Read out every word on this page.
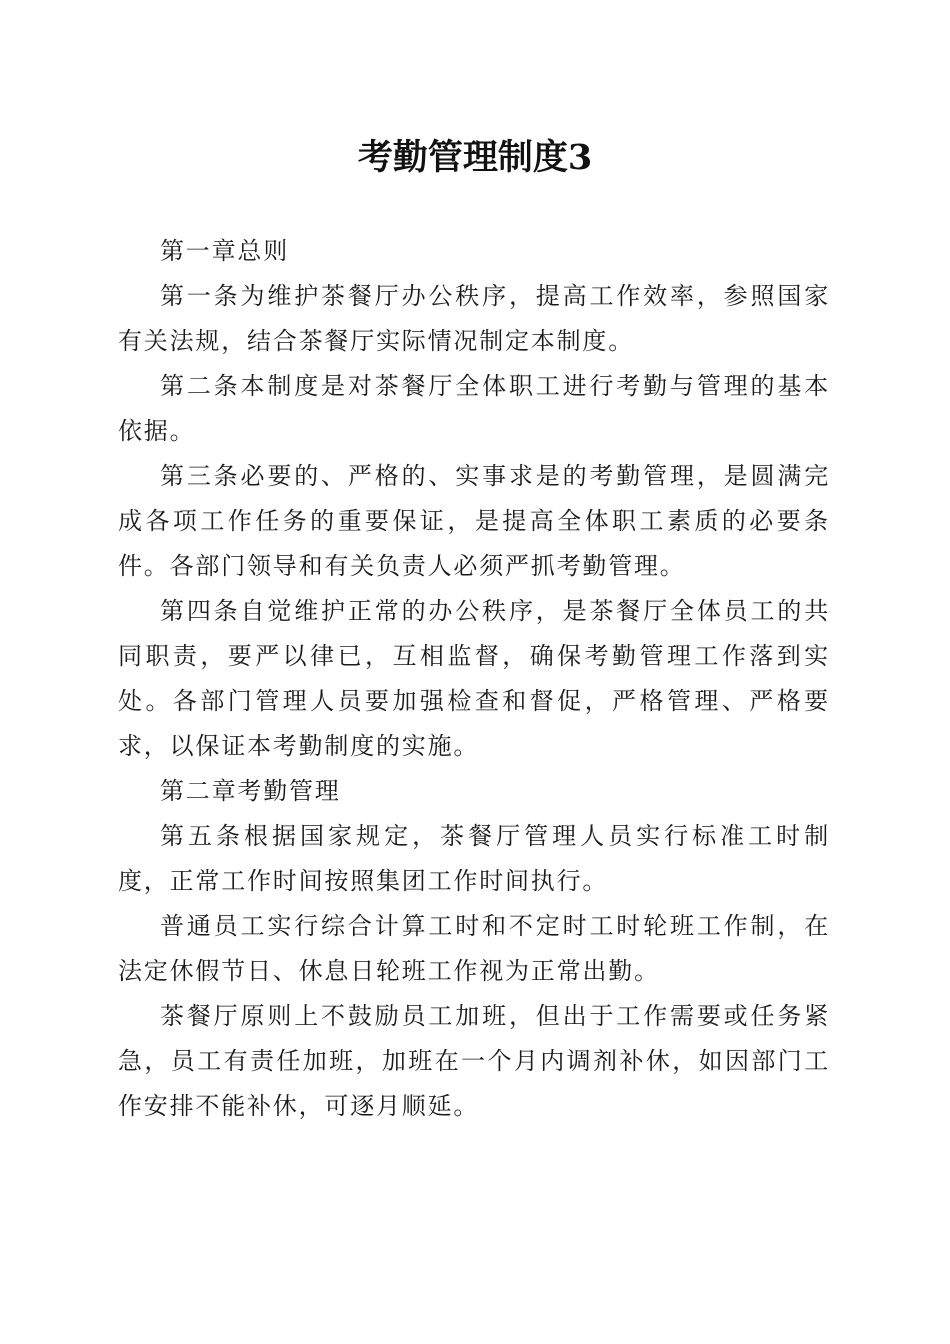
考勤管理制度3

第一章总则

第一条为维护茶餐厅办公秩序，提高工作效率，参照国家有关法规，结合茶餐厅实际情况制定本制度。

第二条本制度是对茶餐厅全体职工进行考勤与管理的基本依据。

第三条必要的、严格的、实事求是的考勤管理，是圆满完成各项工作任务的重要保证，是提高全体职工素质的必要条件。各部门领导和有关负责人必须严抓考勤管理。

第四条自觉维护正常的办公秩序，是茶餐厅全体员工的共同职责，要严以律已，互相监督，确保考勤管理工作落到实处。各部门管理人员要加强检查和督促，严格管理、严格要求，以保证本考勤制度的实施。

第二章考勤管理

第五条根据国家规定，茶餐厅管理人员实行标准工时制度，正常工作时间按照集团工作时间执行。

普通员工实行综合计算工时和不定时工时轮班工作制，在法定休假节日、休息日轮班工作视为正常出勤。

茶餐厅原则上不鼓励员工加班，但出于工作需要或任务紧急，员工有责任加班，加班在一个月内调剂补休，如因部门工作安排不能补休，可逐月顺延。
